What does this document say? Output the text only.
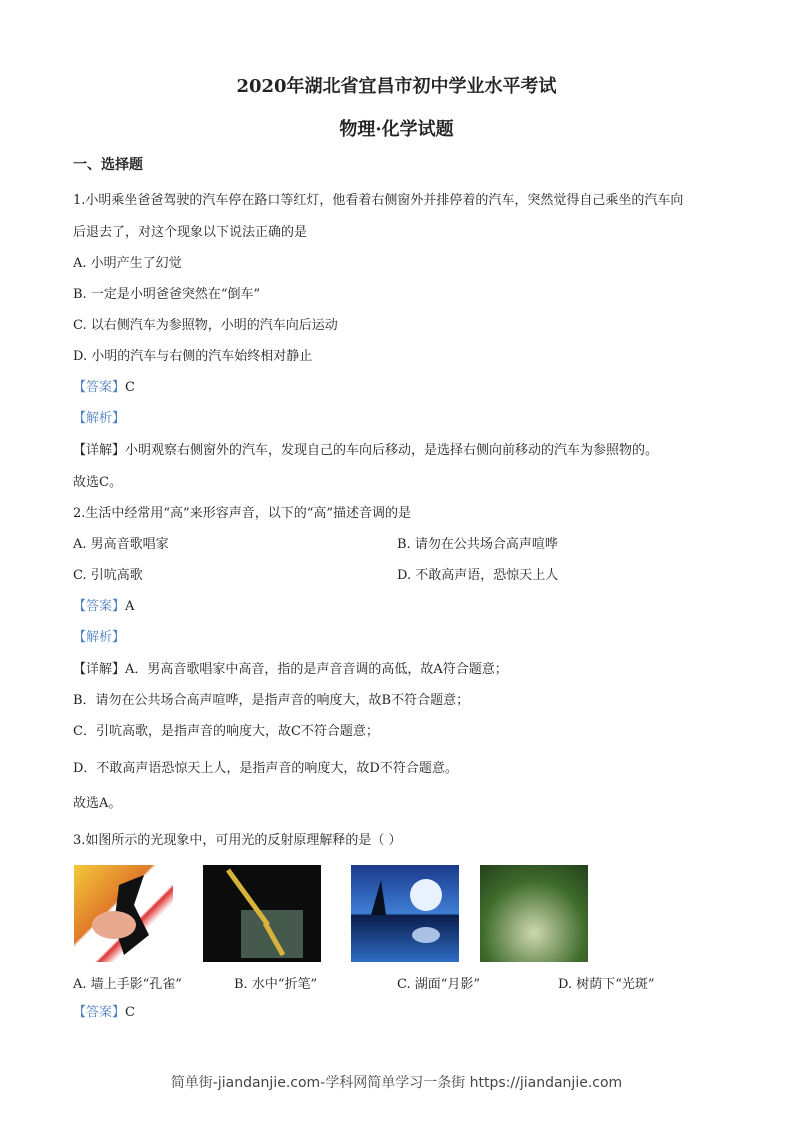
2020年湖北省宜昌市初中学业水平考试
物理·化学试题
一、选择题
1.小明乘坐爸爸驾驶的汽车停在路口等红灯，他看着右侧窗外并排停着的汽车，突然觉得自己乘坐的汽车向
后退去了，对这个现象以下说法正确的是
A. 小明产生了幻觉
B. 一定是小明爸爸突然在“倒车”
C. 以右侧汽车为参照物，小明的汽车向后运动
D. 小明的汽车与右侧的汽车始终相对静止
【答案】C
【解析】
【详解】小明观察右侧窗外的汽车，发现自己的车向后移动，是选择右侧向前移动的汽车为参照物的。
故选C。
2.生活中经常用“高”来形容声音，以下的“高”描述音调的是
A. 男高音歌唱家	B. 请勿在公共场合高声喧哗
C. 引吭高歌	D. 不敢高声语，恐惊天上人
【答案】A
【解析】
【详解】A．男高音歌唱家中高音，指的是声音音调的高低，故A符合题意；
B．请勿在公共场合高声喧哗，是指声音的响度大，故B不符合题意；
C．引吭高歌，是指声音的响度大，故C不符合题意；
D．不敢高声语恐惊天上人，是指声音的响度大，故D不符合题意。
故选A。
3.如图所示的光现象中，可用光的反射原理解释的是（ ）
A. 墙上手影“孔雀”	B. 水中“折笔”	C. 湖面“月影”	D. 树荫下“光斑”
【答案】C
简单街-jiandanjie.com-学科网简单学习一条街 https://jiandanjie.com
